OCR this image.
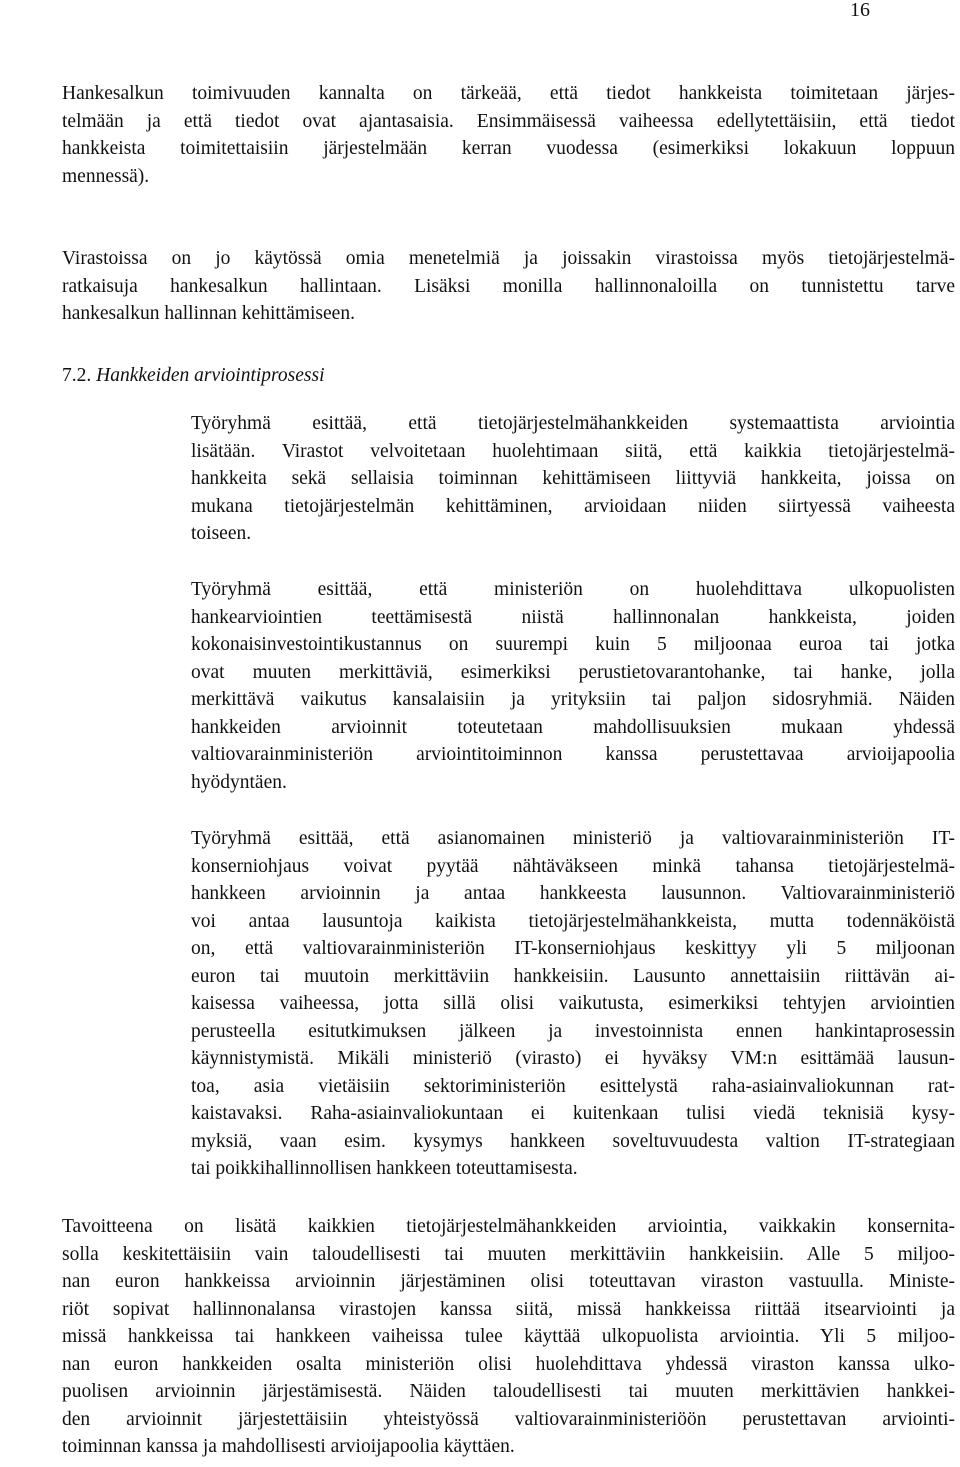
16
Hankesalkun toimivuuden kannalta on tärkeää, että tiedot hankkeista toimitetaan järjes-
telmään ja että tiedot ovat ajantasaisia. Ensimmäisessä vaiheessa edellytettäisiin, että tiedot
hankkeista toimitettaisiin järjestelmään kerran vuodessa (esimerkiksi lokakuun loppuun
mennessä).
Virastoissa on jo käytössä omia menetelmiä ja joissakin virastoissa myös tietojärjestelmä-
ratkaisuja hankesalkun hallintaan. Lisäksi monilla hallinnonaloilla on tunnistettu tarve
hankesalkun hallinnan kehittämiseen.
7.2. Hankkeiden arviointiprosessi
Työryhmä esittää, että tietojärjestelmähankkeiden systemaattista arviointia
lisätään. Virastot velvoitetaan huolehtimaan siitä, että kaikkia tietojärjestelmä-
hankkeita sekä sellaisia toiminnan kehittämiseen liittyviä hankkeita, joissa on
mukana tietojärjestelmän kehittäminen, arvioidaan niiden siirtyessä vaiheesta
toiseen.
Työryhmä esittää, että ministeriön on huolehdittava ulkopuolisten
hankearviointien teettämisestä niistä hallinnonalan hankkeista, joiden
kokonaisinvestointikustannus on suurempi kuin 5 miljoonaa euroa tai jotka
ovat muuten merkittäviä, esimerkiksi perustietovarantohanke, tai hanke, jolla
merkittävä vaikutus kansalaisiin ja yrityksiin tai paljon sidosryhmiä. Näiden
hankkeiden arvioinnit toteutetaan mahdollisuuksien mukaan yhdessä
valtiovarainministeriön arviointitoiminnon kanssa perustettavaa arvioijapoolia
hyödyntäen.
Työryhmä esittää, että asianomainen ministeriö ja valtiovarainministeriön IT-
konserniohjaus voivat pyytää nähtäväkseen minkä tahansa tietojärjestelmä-
hankkeen arvioinnin ja antaa hankkeesta lausunnon. Valtiovarainministeriö
voi antaa lausuntoja kaikista tietojärjestelmähankkeista, mutta todennäköistä
on, että valtiovarainministeriön IT-konserniohjaus keskittyy yli 5 miljoonan
euron tai muutoin merkittäviin hankkeisiin. Lausunto annettaisiin riittävän ai-
kaisessa vaiheessa, jotta sillä olisi vaikutusta, esimerkiksi tehtyjen arviointien
perusteella esitutkimuksen jälkeen ja investoinnista ennen hankintaprosessin
käynnistymistä. Mikäli ministeriö (virasto) ei hyväksy VM:n esittämää lausun-
toa, asia vietäisiin sektoriministeriön esittelystä raha-asiainvaliokunnan rat-
kaistavaksi. Raha-asiainvaliokuntaan ei kuitenkaan tulisi viedä teknisiä kysy-
myksiä, vaan esim. kysymys hankkeen soveltuvuudesta valtion IT-strategiaan
tai poikkihallinnollisen hankkeen toteuttamisesta.
Tavoitteena on lisätä kaikkien tietojärjestelmähankkeiden arviointia, vaikkakin konsernita-
solla keskitettäisiin vain taloudellisesti tai muuten merkittäviin hankkeisiin. Alle 5 miljoo-
nan euron hankkeissa arvioinnin järjestäminen olisi toteuttavan viraston vastuulla. Ministe-
riöt sopivat hallinnonalansa virastojen kanssa siitä, missä hankkeissa riittää itsearviointi ja
missä hankkeissa tai hankkeen vaiheissa tulee käyttää ulkopuolista arviointia. Yli 5 miljoo-
nan euron hankkeiden osalta ministeriön olisi huolehdittava yhdessä viraston kanssa ulko-
puolisen arvioinnin järjestämisestä. Näiden taloudellisesti tai muuten merkittävien hankkei-
den arvioinnit järjestettäisiin yhteistyössä valtiovarainministeriöön perustettavan arviointi-
toiminnan kanssa ja mahdollisesti arvioijapoolia käyttäen.
